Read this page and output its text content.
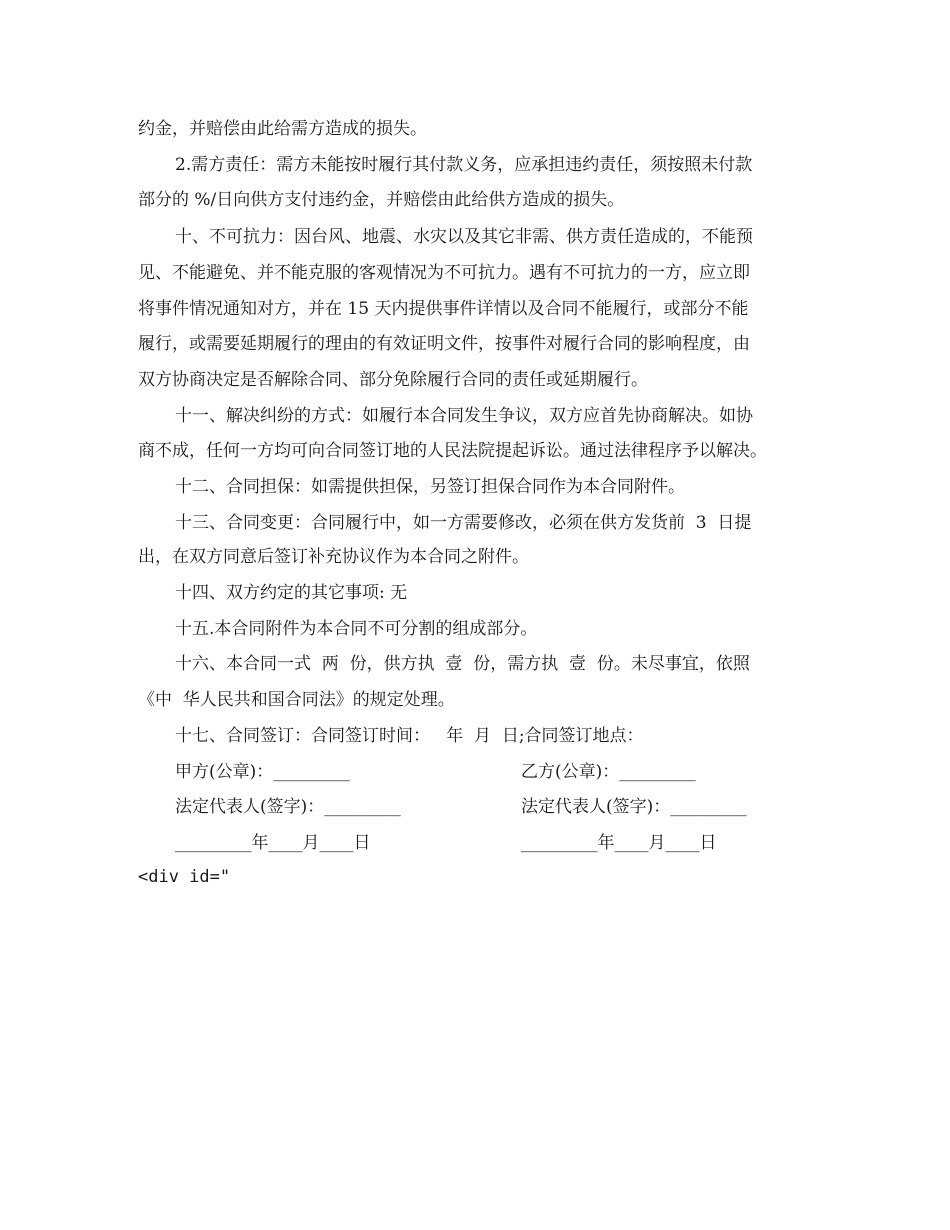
约金，并赔偿由此给需方造成的损失。
2.需方责任：需方未能按时履行其付款义务，应承担违约责任，须按照未付款
部分的 %/日向供方支付违约金，并赔偿由此给供方造成的损失。
十、不可抗力：因台风、地震、水灾以及其它非需、供方责任造成的，不能预
见、不能避免、并不能克服的客观情况为不可抗力。遇有不可抗力的一方，应立即
将事件情况通知对方，并在 15 天内提供事件详情以及合同不能履行，或部分不能
履行，或需要延期履行的理由的有效证明文件，按事件对履行合同的影响程度，由
双方协商决定是否解除合同、部分免除履行合同的责任或延期履行。
十一、解决纠纷的方式：如履行本合同发生争议，双方应首先协商解决。如协
商不成，任何一方均可向合同签订地的人民法院提起诉讼。通过法律程序予以解决。
十二、合同担保：如需提供担保，另签订担保合同作为本合同附件。
十三、合同变更：合同履行中，如一方需要修改，必须在供方发货前  3  日提
出，在双方同意后签订补充协议作为本合同之附件。
十四、双方约定的其它事项: 无
十五.本合同附件为本合同不可分割的组成部分。
十六、本合同一式  两  份，供方执  壹  份，需方执  壹  份。未尽事宜，依照
《中  华人民共和国合同法》的规定处理。
十七、合同签订：合同签订时间：   年  月  日;合同签订地点：
甲方(公章)：_________	乙方(公章)：_________
法定代表人(签字)：_________	法定代表人(签字)：_________
_________年____月____日	_________年____月____日
<div id="
